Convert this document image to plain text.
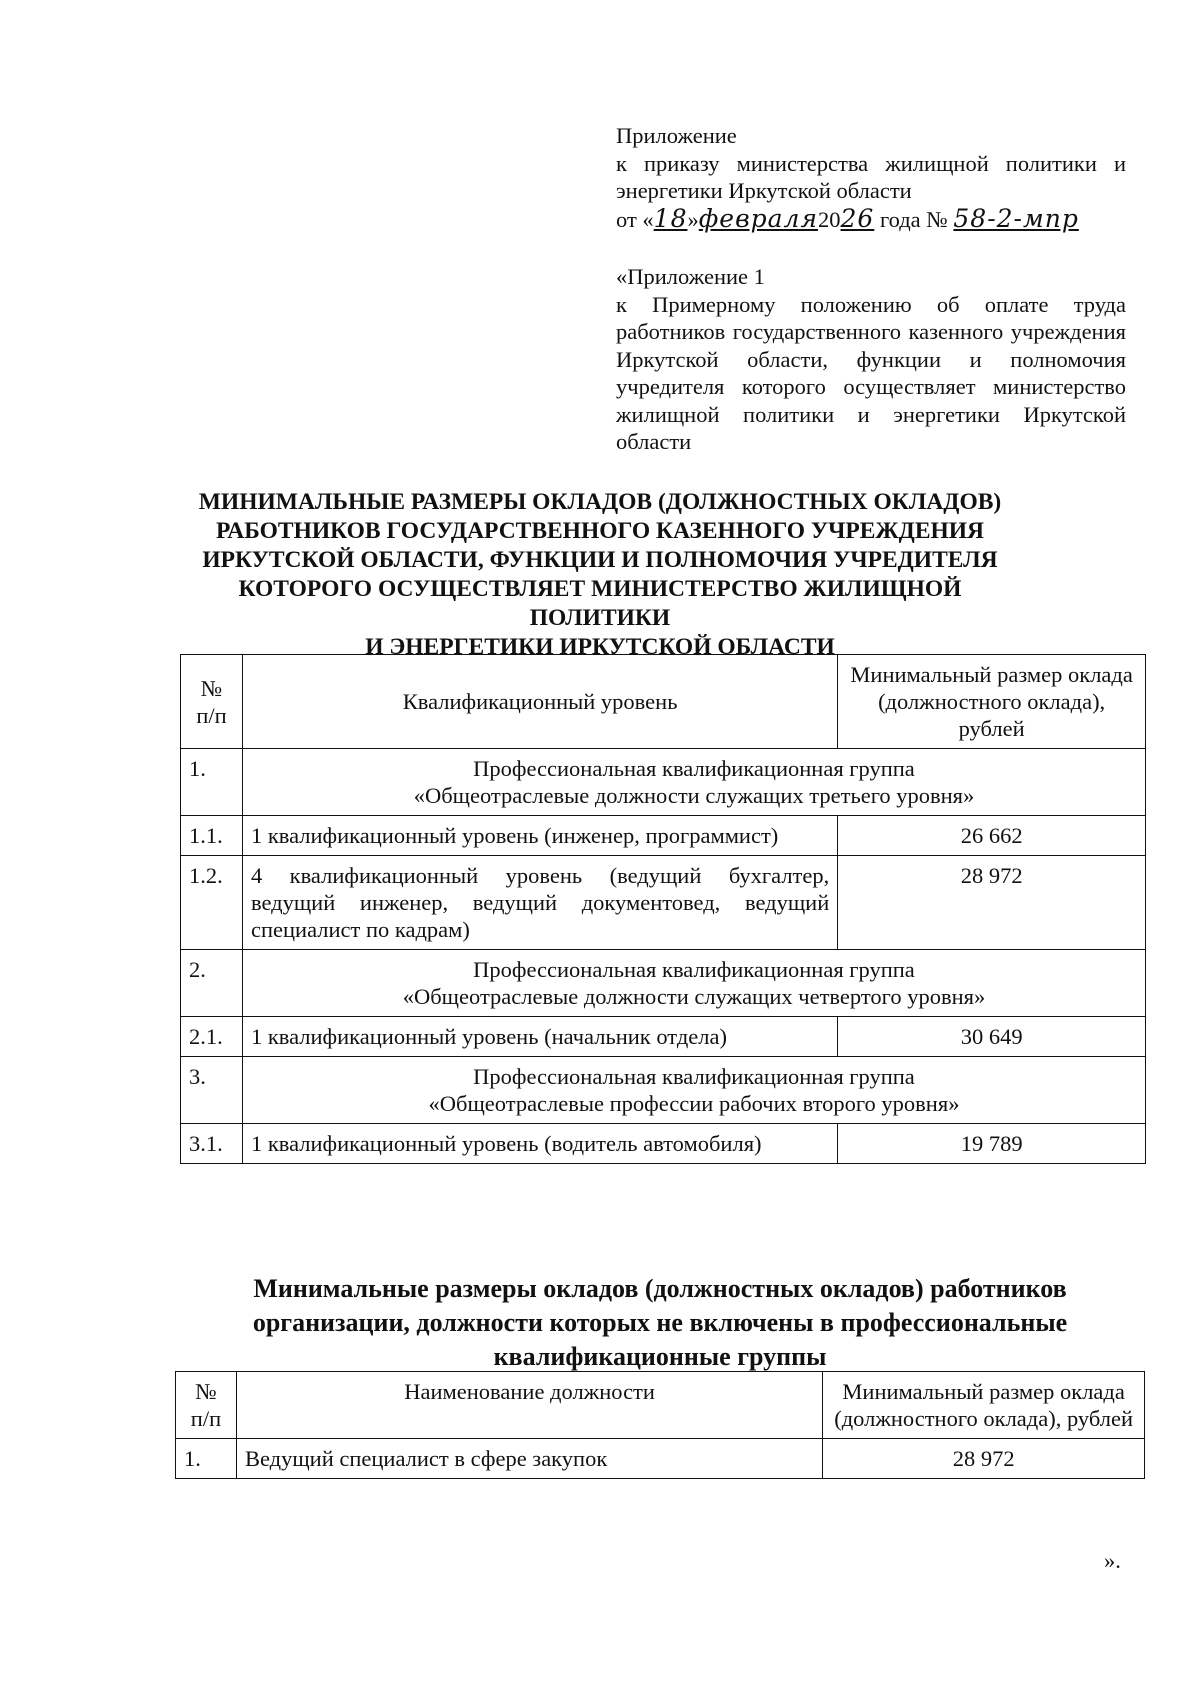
Приложение

к приказу министерства жилищной политики и

энергетики Иркутской области

от «18»февраля2026 года № 58-2-мпр

«Приложение 1

к Примерному положению об оплате труда работников государственного казенного учреждения Иркутской области, функции и полномочия учредителя которого осуществляет министерство жилищной политики и энергетики Иркутской области

МИНИМАЛЬНЫЕ РАЗМЕРЫ ОКЛАДОВ (ДОЛЖНОСТНЫХ ОКЛАДОВ)
РАБОТНИКОВ ГОСУДАРСТВЕННОГО КАЗЕННОГО УЧРЕЖДЕНИЯ
ИРКУТСКОЙ ОБЛАСТИ, ФУНКЦИИ И ПОЛНОМОЧИЯ УЧРЕДИТЕЛЯ
КОТОРОГО ОСУЩЕСТВЛЯЕТ МИНИСТЕРСТВО ЖИЛИЩНОЙ ПОЛИТИКИ
И ЭНЕРГЕТИКИ ИРКУТСКОЙ ОБЛАСТИ
№ п/п	Квалификационный уровень	Минимальный размер оклада (должностного оклада), рублей
1.	Профессиональная квалификационная группа
«Общеотраслевые должности служащих третьего уровня»	

1.1.	1 квалификационный уровень (инженер, программист)	26 662
1.2.	4 квалификационный уровень (ведущий бухгалтер, ведущий инженер, ведущий документовед, ведущий специалист по кадрам)	28 972
2.	Профессиональная квалификационная группа
«Общеотраслевые должности служащих четвертого уровня»	

2.1.	1 квалификационный уровень (начальник отдела)	30 649
3.	Профессиональная квалификационная группа
«Общеотраслевые профессии рабочих второго уровня»	

3.1.	1 квалификационный уровень (водитель автомобиля)	19 789
Минимальные размеры окладов (должностных окладов) работников
организации, должности которых не включены в профессиональные
квалификационные группы
№ п/п	Наименование должности	Минимальный размер оклада (должностного оклада), рублей
1.	Ведущий специалист в сфере закупок	28 972
».
